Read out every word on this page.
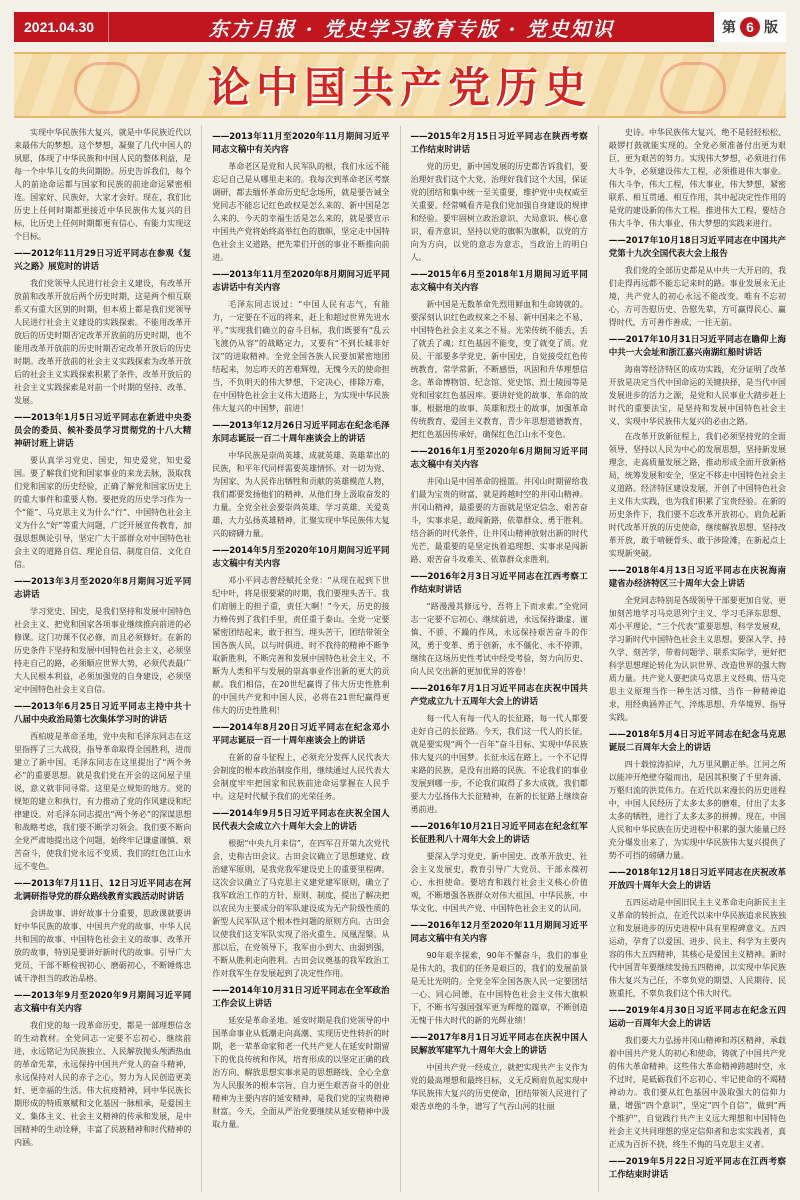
2021.04.30	东方月报 · 党史学习教育专版 · 党史知识	第 6 版
论中国共产党历史

实现中华民族伟大复兴，就是中华民族近代以来最伟大的梦想。这个梦想，凝聚了几代中国人的夙愿，体现了中华民族和中国人民的整体利益，是每一个中华儿女的共同期盼。历史告诉我们，每个人的前途命运都与国家和民族的前途命运紧密相连。国家好、民族好，大家才会好。现在，我们比历史上任何时期都更接近中华民族伟大复兴的目标，比历史上任何时期都更有信心、有能力实现这个目标。

——2012年11月29日习近平同志在参观《复兴之路》展览时的讲话

我们党领导人民进行社会主义建设，有改革开放前和改革开放后两个历史时期，这是两个相互联系又有重大区别的时期，但本质上都是我们党领导人民进行社会主义建设的实践探索。不能用改革开放后的历史时期否定改革开放前的历史时期，也不能用改革开放前的历史时期否定改革开放后的历史时期。改革开放前的社会主义实践探索为改革开放后的社会主义实践探索积累了条件，改革开放后的社会主义实践探索是对前一个时期的坚持、改革、发展。

——2013年1月5日习近平同志在新进中央委员会的委员、候补委员学习贯彻党的十八大精神研讨班上讲话

要认真学习党史、国史，知史爱党，知史爱国。要了解我们党和国家事业的来龙去脉，汲取我们党和国家的历史经验，正确了解党和国家历史上的重大事件和重要人物。要把党的历史学习作为一个“能”、马克思主义为什么“行”、中国特色社会主义为什么“好”等重大问题，广泛开展宣传教育，加强思想舆论引导，坚定广大干部群众对中国特色社会主义的道路自信、理论自信、制度自信、文化自信。

——2013年3月至2020年8月期间习近平同志讲话

学习党史、国史，是我们坚持和发展中国特色社会主义、把党和国家各项事业继续推向前进的必修课。这门功课不仅必修，而且必须修好。在新的历史条件下坚持和发展中国特色社会主义，必须坚持走自己的路，必须顺应世界大势，必须代表最广大人民根本利益，必须加强党的自身建设，必须坚定中国特色社会主义自信。

——2013年6月25日习近平同志主持中共十八届中央政治局第七次集体学习时的讲话

西柏坡是革命圣地，党中央和毛泽东同志在这里指挥了三大战役，指导革命取得全国胜利，进而建立了新中国。毛泽东同志在这里提出了“两个务必”的重要思想。就是我们党在开会的这间屋子里说，意义就非同寻常。这里是立规矩的地方。党的规矩的建立和执行，有力推动了党的作风建设和纪律建设。对毛泽东同志提出“两个务必”的深谋思想和战略考虑，我们要不断学习领会。我们要不断向全党严肃地提出这个问题，始终牢记谦虚谨慎、艰苦奋斗，使我们党永远不变质、我们的红色江山永远不变色。

——2013年7月11日、12日习近平同志在河北调研指导党的群众路线教育实践活动时讲话

会讲故事、讲好故事十分重要，思政课就要讲好中华民族的故事、中国共产党的故事、中华人民共和国的故事、中国特色社会主义的故事、改革开放的故事，特别是要讲好新时代的故事。引导广大党员、干部不断检视初心、磨砺初心，不断锤炼忠诚干净担当的政治品格。

——2013年9月至2020年9月期间习近平同志文稿中有关内容

我们党的每一段革命历史，都是一部理想信念的生动教材。全党同志一定要不忘初心、继续前进，永远铭记为民族独立、人民解放抛头颅洒热血的革命先辈，永远保持中国共产党人的奋斗精神，永远保持对人民的赤子之心，努力为人民创造更美好、更幸福的生活。伟大抗疫精神，同中华民族长期形成的特质禀赋和文化基因一脉相承，是爱国主义、集体主义、社会主义精神的传承和发展，是中国精神的生动诠释，丰富了民族精神和时代精神的内涵。

——2013年11月至2020年11月期间习近平同志文稿中有关内容

革命老区是党和人民军队的根，我们永远不能忘记自己是从哪里走来的。我每次到革命老区考察调研，都去缅怀革命历史纪念场所，就是要告诫全党同志不能忘记红色政权是怎么来的、新中国是怎么来的、今天的幸福生活是怎么来的，就是要宣示中国共产党将始终高举红色的旗帜，坚定走中国特色社会主义道路，把先辈们开创的事业不断推向前进。

——2013年11月至2020年8月期间习近平同志讲话中有关内容

毛泽东同志说过：“中国人民有志气，有能力，一定要在不远的将来，赶上和超过世界先进水平。”实现我们确立的奋斗目标，我们既要有“乱云飞渡仍从容”的战略定力，又要有“不到长城非好汉”的进取精神。全党全国各族人民要加紧密地团结起来，勿忘昨天的苦难辉煌，无愧今天的使命担当，不负明天的伟大梦想，下定决心，排除万难，在中国特色社会主义伟大道路上，为实现中华民族伟大复兴的中国梦，前进！

——2013年12月26日习近平同志在纪念毛泽东同志诞辰一百二十周年座谈会上的讲话

中华民族是崇尚英雄、成就英雄、英雄辈出的民族，和平年代同样需要英雄情怀。对一切为党、为国家、为人民作出牺牲和贡献的英雄模范人物，我们都要发扬他们的精神，从他们身上汲取奋发的力量。全党全社会要崇尚英雄、学习英雄、关爱英雄，大力弘扬英雄精神，汇聚实现中华民族伟大复兴的磅礴力量。

——2014年5月至2020年10月期间习近平同志文稿中有关内容

邓小平同志曾经赋托全党：“从现在起到下世纪中叶，将是很要紧的时期，我们要埋头苦干。我们肩膀上的担子重，责任大啊！”今天，历史的接力棒传到了我们手里，责任重于泰山。全党一定要紧密团结起来，敢于担当、埋头苦干，团结带领全国各族人民，以与时俱进、时不我待的精神不断争取新胜利，不断完善和发展中国特色社会主义，不断为人类和平与发展的崇高事业作出新的更大的贡献。我们相信，在20世纪赢得了伟大历史性胜利的中国共产党和中国人民，必将在21世纪赢得更伟大的历史性胜利！

——2014年8月20日习近平同志在纪念邓小平同志诞辰一百一十周年座谈会上的讲话

在新的奋斗征程上，必须充分发挥人民代表大会制度的根本政治制度作用，继续通过人民代表大会制度牢牢把国家和民族前途命运掌握在人民手中。这是时代赋予我们的光荣任务。

——2014年9月5日习近平同志在庆祝全国人民代表大会成立六十周年大会上的讲话

根据“中央九月来信”，在四军召开第九次党代会，史称古田会议。古田会议确立了思想建党、政治建军原则，是我党我军建设史上的重要里程碑。这次会议确立了马克思主义建党建军原则，确立了我军政治工作的方针、原则、制度，提出了解决把以农民为主要成分的军队建设成为无产阶级性质的新型人民军队这个根本性问题的原则方向。古田会议使我们这支军队实现了浴火重生、凤凰涅槃。从那以后，在党领导下，我军由小到大、由弱到强，不断从胜利走向胜利。古田会议奠基的我军政治工作对我军生存发展起到了决定性作用。

——2014年10月31日习近平同志在全军政治工作会议上讲话

延安是革命圣地。延安时期是我们党领导的中国革命事业从低潮走向高潮、实现历史性转折的时期，老一辈革命家和老一代共产党人在延安时期留下的优良传统和作风，培育形成的以坚定正确的政治方向、解放思想实事求是的思想路线、全心全意为人民服务的根本宗旨、自力更生艰苦奋斗的创业精神为主要内容的延安精神，是我们党的宝贵精神财富。今天，全面从严治党要继续从延安精神中汲取力量。

——2015年2月15日习近平同志在陕西考察工作结束时讲话

党的历史，新中国发展的历史都告诉我们，要治理好我们这个大党、治理好我们这个大国，保证党的团结和集中统一至关重要，维护党中央权威至关重要。经常喊看齐是我们党加强自身建设的规律和经验。要牢固树立政治意识、大局意识、核心意识、看齐意识，坚持以党的旗帜为旗帜，以党的方向为方向，以党的意志为意志，当政治上的明白人。

——2015年6月至2018年1月期间习近平同志文稿中有关内容

新中国是无数革命先烈用鲜血和生命铸就的。要深刻认识红色政权来之不易、新中国来之不易、中国特色社会主义来之不易。光荣传统不能丢，丢了就丢了魂；红色基因不能变，变了就变了质。党员、干部要多学党史、新中国史，自觉接受红色传统教育，常学常新，不断感悟，巩固和升华理想信念。革命博物馆、纪念馆、党史馆、烈士陵园等是党和国家红色基因库。要讲好党的故事、革命的故事、根据地的故事、英雄和烈士的故事，加强革命传统教育、爱国主义教育，青少年思想道德教育，把红色基因传承好，确保红色江山永不变色。

——2016年1月至2020年6月期间习近平同志文稿中有关内容

井冈山是中国革命的摇篮。井冈山时期留给我们最为宝贵的财富，就是跨越时空的井冈山精神。井冈山精神，最重要的方面就是坚定信念、艰苦奋斗，实事求是、敢闯新路，依靠群众、勇于胜利。结合新的时代条件，让井冈山精神放射出新的时代光芒，最重要的是坚定执着追理想、实事求是闯新路、艰苦奋斗攻难关、依靠群众求胜利。

——2016年2月3日习近平同志在江西考察工作结束时讲话

“路漫漫其修远兮，吾将上下而求索。”全党同志一定要不忘初心、继续前进，永远保持谦虚、谨慎、不骄、不躁的作风，永远保持艰苦奋斗的作风，勇于变革、勇于创新，永不僵化、永不停滞，继续在这场历史性考试中经受考验，努力向历史、向人民交出新的更加优异的答卷！

——2016年7月1日习近平同志在庆祝中国共产党成立九十五周年大会上的讲话

每一代人有每一代人的长征路，每一代人都要走好自己的长征路。今天，我们这一代人的长征，就是要实现“两个一百年”奋斗目标、实现中华民族伟大复兴的中国梦。长征永远在路上。一个不记得来路的民族，是没有出路的民族。不论我们的事业发展到哪一步，不论我们取得了多大成就，我们都要大力弘扬伟大长征精神，在新的长征路上继续奋勇前进。

——2016年10月21日习近平同志在纪念红军长征胜利八十周年大会上的讲话

要深入学习党史、新中国史、改革开放史、社会主义发展史，教育引导广大党员、干部永葆初心、永担使命。要培育和践行社会主义核心价值观，不断增强各族群众对伟大祖国、中华民族、中华文化、中国共产党、中国特色社会主义的认同。

——2016年12月至2020年11月期间习近平同志文稿中有关内容

90年艰辛探索，90年不懈奋斗，我们的事业是伟大的，我们的任务是艰巨的，我们的发展前景是无比光明的。全党全军全国各族人民一定要团结一心、同心同德，在中国特色社会主义伟大旗帜下，不断书写强国强军更为辉煌的篇章，不断创造无愧于伟大时代的新的光辉业绩！

——2017年8月1日习近平同志在庆祝中国人民解放军建军九十周年大会上的讲话

中国共产党一经成立，就把实现共产主义作为党的最高理想和最终目标，义无反顾肩负起实现中华民族伟大复兴的历史使命，团结带领人民进行了艰苦卓绝的斗争，谱写了气吞山河的壮丽

史诗。中华民族伟大复兴，绝不是轻轻松松、敲锣打鼓就能实现的。全党必须准备付出更为艰巨、更为艰苦的努力。实现伟大梦想，必须进行伟大斗争，必须建设伟大工程，必须推进伟大事业。伟大斗争，伟大工程，伟大事业，伟大梦想，紧密联系、相互贯通、相互作用，其中起决定性作用的是党的建设新的伟大工程。推进伟大工程，要结合伟大斗争、伟大事业、伟大梦想的实践来进行。

——2017年10月18日习近平同志在中国共产党第十九次全国代表大会上报告

我们党的全部历史都是从中共一大开启的，我们走得再远都不能忘记来时的路。事业发展永无止境，共产党人的初心永远不能改变。唯有不忘初心，方可告慰历史、告慰先辈，方可赢得民心、赢得时代，方可善作善成、一往无前。

——2017年10月31日习近平同志在瞻仰上海中共一大会址和浙江嘉兴南湖红船时讲话

海南等经济特区的成功实践，充分证明了改革开放是决定当代中国命运的关键抉择，是当代中国发展进步的活力之源，是党和人民事业大踏步赶上时代的重要法宝，是坚持和发展中国特色社会主义、实现中华民族伟大复兴的必由之路。

在改革开放新征程上，我们必须坚持党的全面领导，坚持以人民为中心的发展思想，坚持新发展理念，走高质量发展之路，推动形成全面开放新格局，统筹发展和安全，坚定不移走中国特色社会主义道路。经济特区建设发展，开创了中国特色社会主义伟大实践，也为我们积累了宝贵经验。在新的历史条件下，我们要不忘改革开放初心，肩负起新时代改革开放的历史使命，继续解放思想、坚持改革开放，敢于啃硬骨头、敢于涉险滩，在新起点上实现新突破。

——2018年4月13日习近平同志在庆祝海南建省办经济特区三十周年大会上讲话

全党同志特别是各级领导干部要更加自觉、更加刻苦地学习马克思列宁主义、学习毛泽东思想、邓小平理论、“三个代表”重要思想、科学发展观，学习新时代中国特色社会主义思想。要深入学、持久学、刻苦学，带着问题学、联系实际学，更好把科学思想理论转化为认识世界、改造世界的强大物质力量。共产党人要把读马克思主义经典、悟马克思主义原理当作一种生活习惯、当作一种精神追求，用经典涵养正气、淬炼思想、升华境界、指导实践。

——2018年5月4日习近平同志在纪念马克思诞辰二百周年大会上的讲话

四十载惊涛拍岸，九万里风鹏正举。江河之所以能冲开绝壁夺隘而出，是因其积聚了千里奔涌、万壑归流的洪荒伟力。在近代以来漫长的历史进程中，中国人民经历了太多太多的磨难，付出了太多太多的牺牲，进行了太多太多的拼搏。现在，中国人民和中华民族在历史进程中积累的强大能量已经充分爆发出来了，为实现中华民族伟大复兴提供了势不可挡的磅礴力量。

——2018年12月18日习近平同志在庆祝改革开放四十周年大会上的讲话

五四运动是中国旧民主主义革命走向新民主主义革命的转折点，在近代以来中华民族追求民族独立和发展进步的历史进程中具有里程碑意义。五四运动，孕育了以爱国、进步、民主、科学为主要内容的伟大五四精神，其核心是爱国主义精神。新时代中国青年要继续发扬五四精神，以实现中华民族伟大复兴为己任，不辜负党的期望、人民期待、民族重托，不辜负我们这个伟大时代。

——2019年4月30日习近平同志在纪念五四运动一百周年大会上的讲话

我们要大力弘扬井冈山精神和苏区精神，承载着中国共产党人的初心和使命，铸就了中国共产党的伟大革命精神。这些伟大革命精神跨越时空，永不过时，是砥砺我们不忘初心、牢记使命的不竭精神动力。我们要从红色基因中汲取强大的信仰力量，增强“四个意识”，坚定“四个自信”，做到“两个维护”，自觉践行共产主义远大理想和中国特色社会主义共同理想的坚定信仰者和忠实实践者，真正成为百折不挠、终生不悔的马克思主义者。

——2019年5月22日习近平同志在江西考察工作结束时讲话
